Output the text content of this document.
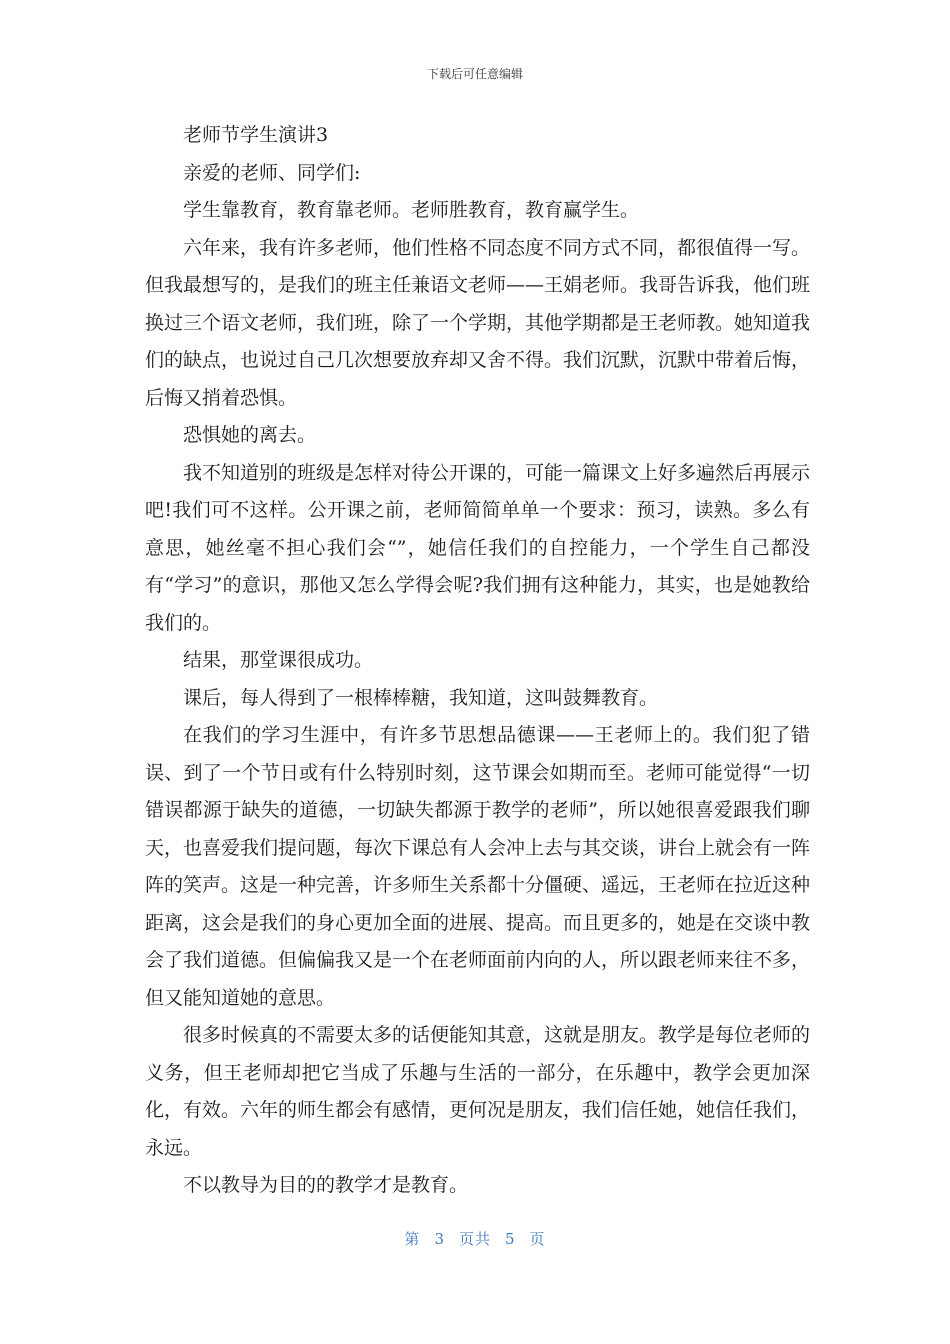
下载后可任意编辑

老师节学生演讲3

亲爱的老师、同学们:

学生靠教育，教育靠老师。老师胜教育，教育赢学生。

六年来，我有许多老师，他们性格不同态度不同方式不同，都很值得一写。但我最想写的，是我们的班主任兼语文老师——王娟老师。我哥告诉我，他们班换过三个语文老师，我们班，除了一个学期，其他学期都是王老师教。她知道我们的缺点，也说过自己几次想要放弃却又舍不得。我们沉默，沉默中带着后悔，后悔又捎着恐惧。

恐惧她的离去。

我不知道别的班级是怎样对待公开课的，可能一篇课文上好多遍然后再展示吧!我们可不这样。公开课之前，老师简简单单一个要求：预习，读熟。多么有意思，她丝毫不担心我们会“”，她信任我们的自控能力，一个学生自己都没有“学习”的意识，那他又怎么学得会呢?我们拥有这种能力，其实，也是她教给我们的。

结果，那堂课很成功。

课后，每人得到了一根棒棒糖，我知道，这叫鼓舞教育。

在我们的学习生涯中，有许多节思想品德课——王老师上的。我们犯了错误、到了一个节日或有什么特别时刻，这节课会如期而至。老师可能觉得“一切错误都源于缺失的道德，一切缺失都源于教学的老师”，所以她很喜爱跟我们聊天，也喜爱我们提问题，每次下课总有人会冲上去与其交谈，讲台上就会有一阵阵的笑声。这是一种完善，许多师生关系都十分僵硬、遥远，王老师在拉近这种距离，这会是我们的身心更加全面的进展、提高。而且更多的，她是在交谈中教会了我们道德。但偏偏我又是一个在老师面前内向的人，所以跟老师来往不多，但又能知道她的意思。

很多时候真的不需要太多的话便能知其意，这就是朋友。教学是每位老师的义务，但王老师却把它当成了乐趣与生活的一部分，在乐趣中，教学会更加深化，有效。六年的师生都会有感情，更何况是朋友，我们信任她，她信任我们，永远。

不以教导为目的的教学才是教育。

第 3 页共 5 页
